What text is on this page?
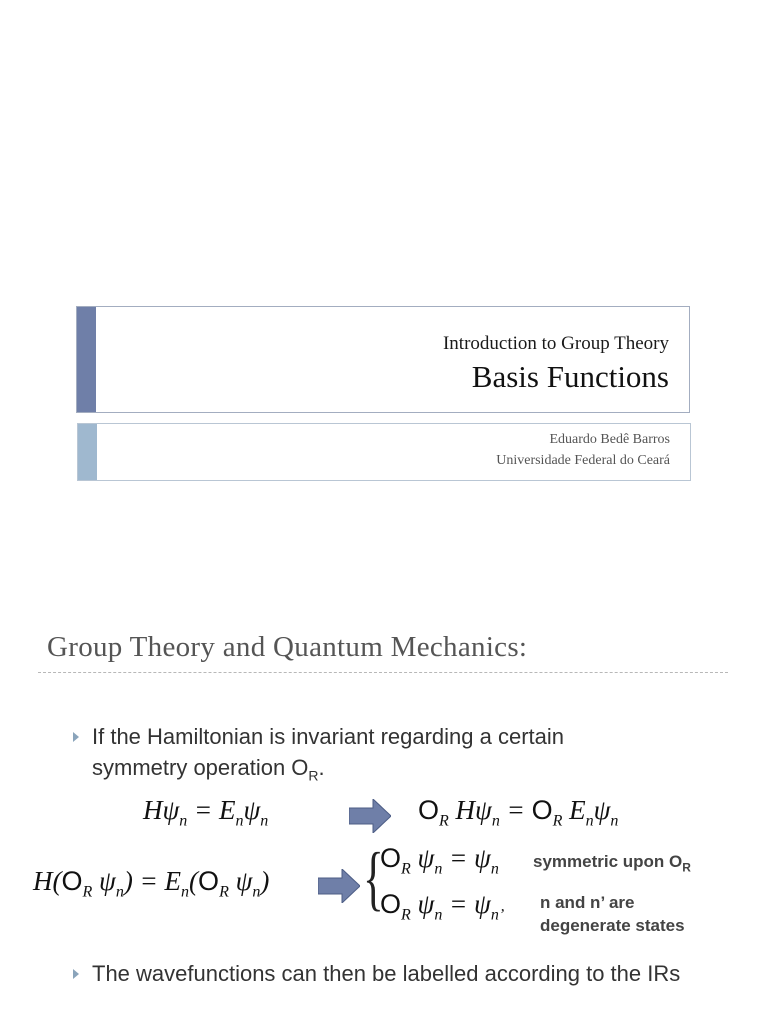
Introduction to Group Theory
Basis Functions
Eduardo Bedê Barros
Universidade Federal do Ceará
Group Theory and Quantum Mechanics:
If the Hamiltonian is invariant regarding a certain symmetry operation $O_R$.
$H\psi_n = E_n\psi_n$	$O_R$ $H\psi_n = O_R$ $E_n\psi_n$
$H(O_R$ $\psi_n) = E_n(O_R$ $\psi_n$) {
$O_R$ $\psi_n = \psi_n$
$O_R$ $\psi_n = \psi_{n’}$
symmetric upon $O_R$
n and n’ are
degenerate states
The wavefunctions can then be labelled according to the IRs
